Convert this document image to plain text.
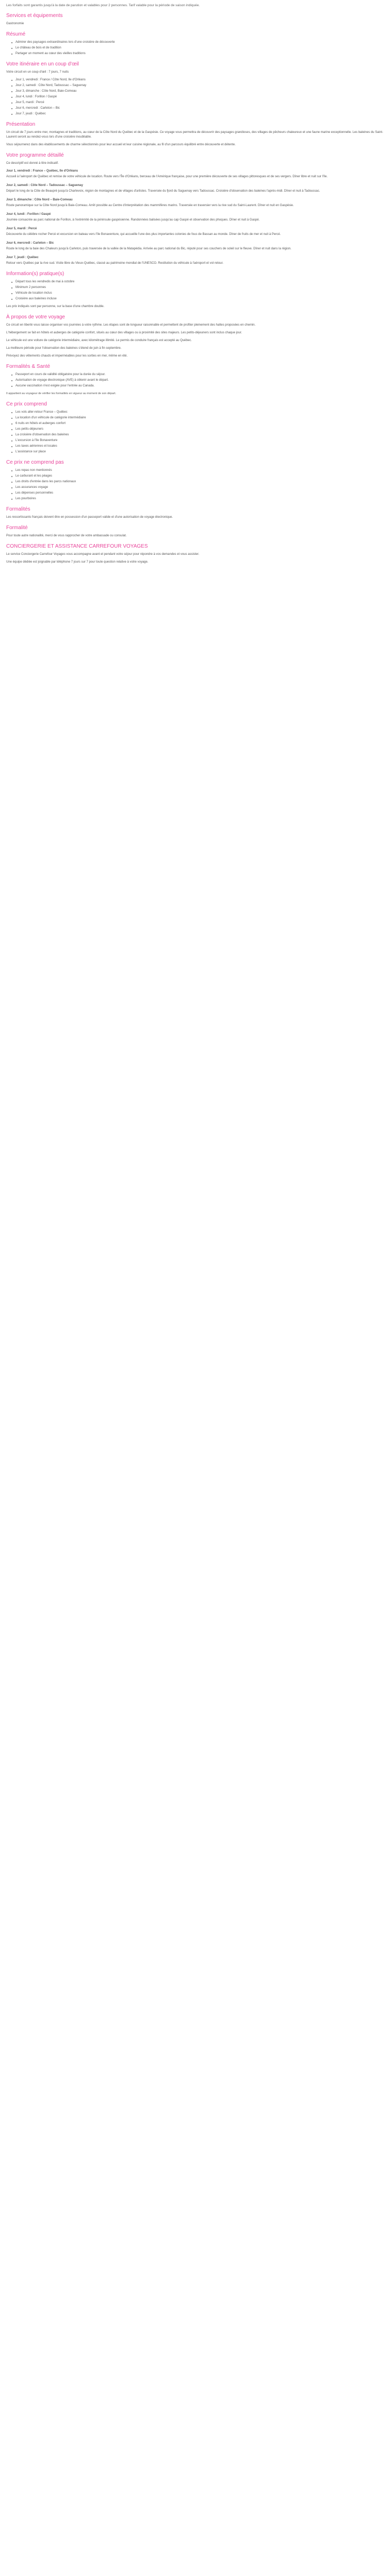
Les forfaits sont garantis jusqu'à la date de parution et valables pour 2 personnes. Tarif valable pour la période de saison indiquée.

Services et équipements

Gastronomie

Résumé
■ Admirer des paysages extraordinaires lors d'une croisière de découverte
■ Le château de bois et de tradition
■ Partager un moment au cœur des vieilles traditions
Votre itinéraire en un coup d'œil

Votre circuit en un coup d'œil : 7 jours, 7 nuits

■ Jour 1, vendredi : France / Côte Nord, Ile d'Orléans
■ Jour 2, samedi : Côte Nord, Tadoussac – Saguenay
■ Jour 3, dimanche : Côte Nord, Baie-Comeau
■ Jour 4, lundi : Forillon / Gaspé
■ Jour 5, mardi : Percé
■ Jour 6, mercredi : Carleton – Bic
■ Jour 7, jeudi : Québec
Présentation

Un circuit de 7 jours entre mer, montagnes et traditions, au cœur de la Côte Nord du Québec et de la Gaspésie. Ce voyage vous permettra de découvrir des paysages grandioses, des villages de pêcheurs chaleureux et une faune marine exceptionnelle. Les baleines du Saint-Laurent seront au rendez-vous lors d'une croisière inoubliable.

Vous séjournerez dans des établissements de charme sélectionnés pour leur accueil et leur cuisine régionale, au fil d'un parcours équilibré entre découverte et détente.

Votre programme détaillé

Ce descriptif est donné à titre indicatif.

Jour 1, vendredi : France – Québec, Ile d'Orléans

Accueil à l'aéroport de Québec et remise de votre véhicule de location. Route vers l'Île d'Orléans, berceau de l'Amérique française, pour une première découverte de ses villages pittoresques et de ses vergers. Dîner libre et nuit sur l'île.

Jour 2, samedi : Côte Nord – Tadoussac – Saguenay

Départ le long de la Côte de Beaupré jusqu'à Charlevoix, région de montagnes et de villages d'artistes. Traversée du fjord du Saguenay vers Tadoussac. Croisière d'observation des baleines l'après-midi. Dîner et nuit à Tadoussac.

Jour 3, dimanche : Côte Nord – Baie-Comeau

Route panoramique sur la Côte Nord jusqu'à Baie-Comeau. Arrêt possible au Centre d'interprétation des mammifères marins. Traversée en traversier vers la rive sud du Saint-Laurent. Dîner et nuit en Gaspésie.

Jour 4, lundi : Forillon / Gaspé

Journée consacrée au parc national de Forillon, à l'extrémité de la péninsule gaspésienne. Randonnées balisées jusqu'au cap Gaspé et observation des phoques. Dîner et nuit à Gaspé.

Jour 5, mardi : Percé

Découverte du célèbre rocher Percé et excursion en bateau vers l'île Bonaventure, qui accueille l'une des plus importantes colonies de fous de Bassan au monde. Dîner de fruits de mer et nuit à Percé.

Jour 6, mercredi : Carleton – Bic

Route le long de la baie des Chaleurs jusqu'à Carleton, puis traversée de la vallée de la Matapédia. Arrivée au parc national du Bic, réputé pour ses couchers de soleil sur le fleuve. Dîner et nuit dans la région.

Jour 7, jeudi : Québec

Retour vers Québec par la rive sud. Visite libre du Vieux-Québec, classé au patrimoine mondial de l'UNESCO. Restitution du véhicule à l'aéroport et vol retour.

Information(s) pratique(s)
■ Départ tous les vendredis de mai à octobre
■ Minimum 2 personnes
■ Véhicule de location inclus
■ Croisière aux baleines incluse

Les prix indiqués sont par personne, sur la base d'une chambre double.

À propos de votre voyage

Ce circuit en liberté vous laisse organiser vos journées à votre rythme. Les étapes sont de longueur raisonnable et permettent de profiter pleinement des haltes proposées en chemin.

L'hébergement se fait en hôtels et auberges de catégorie confort, situés au cœur des villages ou à proximité des sites majeurs. Les petits-déjeuners sont inclus chaque jour.

Le véhicule est une voiture de catégorie intermédiaire, avec kilométrage illimité. Le permis de conduire français est accepté au Québec.

La meilleure période pour l'observation des baleines s'étend de juin à fin septembre.

Prévoyez des vêtements chauds et imperméables pour les sorties en mer, même en été.

Formalités & Santé
■ Passeport en cours de validité obligatoire pour la durée du séjour.
■ Autorisation de voyage électronique (AVE) à obtenir avant le départ.
■ Aucune vaccination n'est exigée pour l'entrée au Canada.

Il appartient au voyageur de vérifier les formalités en vigueur au moment de son départ.

Ce prix comprend
■ Les vols aller-retour France – Québec
■ La location d'un véhicule de catégorie intermédiaire
■ 6 nuits en hôtels et auberges confort
■ Les petits-déjeuners
■ La croisière d'observation des baleines
■ L'excursion à l'île Bonaventure
■ Les taxes aériennes et locales
■ L'assistance sur place
Ce prix ne comprend pas
■ Les repas non mentionnés
■ Le carburant et les péages
■ Les droits d'entrée dans les parcs nationaux
■ Les assurances voyage
■ Les dépenses personnelles
■ Les pourboires
Formalités

Les ressortissants français doivent être en possession d'un passeport valide et d'une autorisation de voyage électronique.

Formalité

Pour toute autre nationalité, merci de vous rapprocher de votre ambassade ou consulat.

CONCIERGERIE ET ASSISTANCE CARREFOUR VOYAGES

Le service Conciergerie Carrefour Voyages vous accompagne avant et pendant votre séjour pour répondre à vos demandes et vous assister.

Une équipe dédiée est joignable par téléphone 7 jours sur 7 pour toute question relative à votre voyage.
